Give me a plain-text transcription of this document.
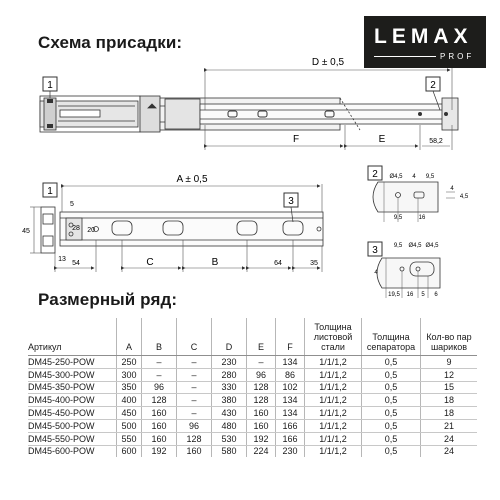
Схема присадки:	LEMAX
PROF
1	2
D ± 0,5
F	E	58,2
1
3
A ± 0,5
45
5
28 20
13
54	C	B	64	35
2 Ø4,5 4 9,5
9,5	16
4,5
4
3	9,5 Ø4,5 Ø4,5
4
19,5 16 5 6
Размерный ряд:
Артикул	A	B	C	D	E	F	Толщина листовой стали	Толщина сепаратора	Кол-во пар шариков
DM45-250-POW	250	–	–	230	–	134	1/1/1,2	0,5	9
DM45-300-POW	300	–	–	280	96	86	1/1/1,2	0,5	12
DM45-350-POW	350	96	–	330	128	102	1/1/1,2	0,5	15
DM45-400-POW	400	128	–	380	128	134	1/1/1,2	0,5	18
DM45-450-POW	450	160	–	430	160	134	1/1/1,2	0,5	18
DM45-500-POW	500	160	96	480	160	166	1/1/1,2	0,5	21
DM45-550-POW	550	160	128	530	192	166	1/1/1,2	0,5	24
DM45-600-POW	600	192	160	580	224	230	1/1/1,2	0,5	24
